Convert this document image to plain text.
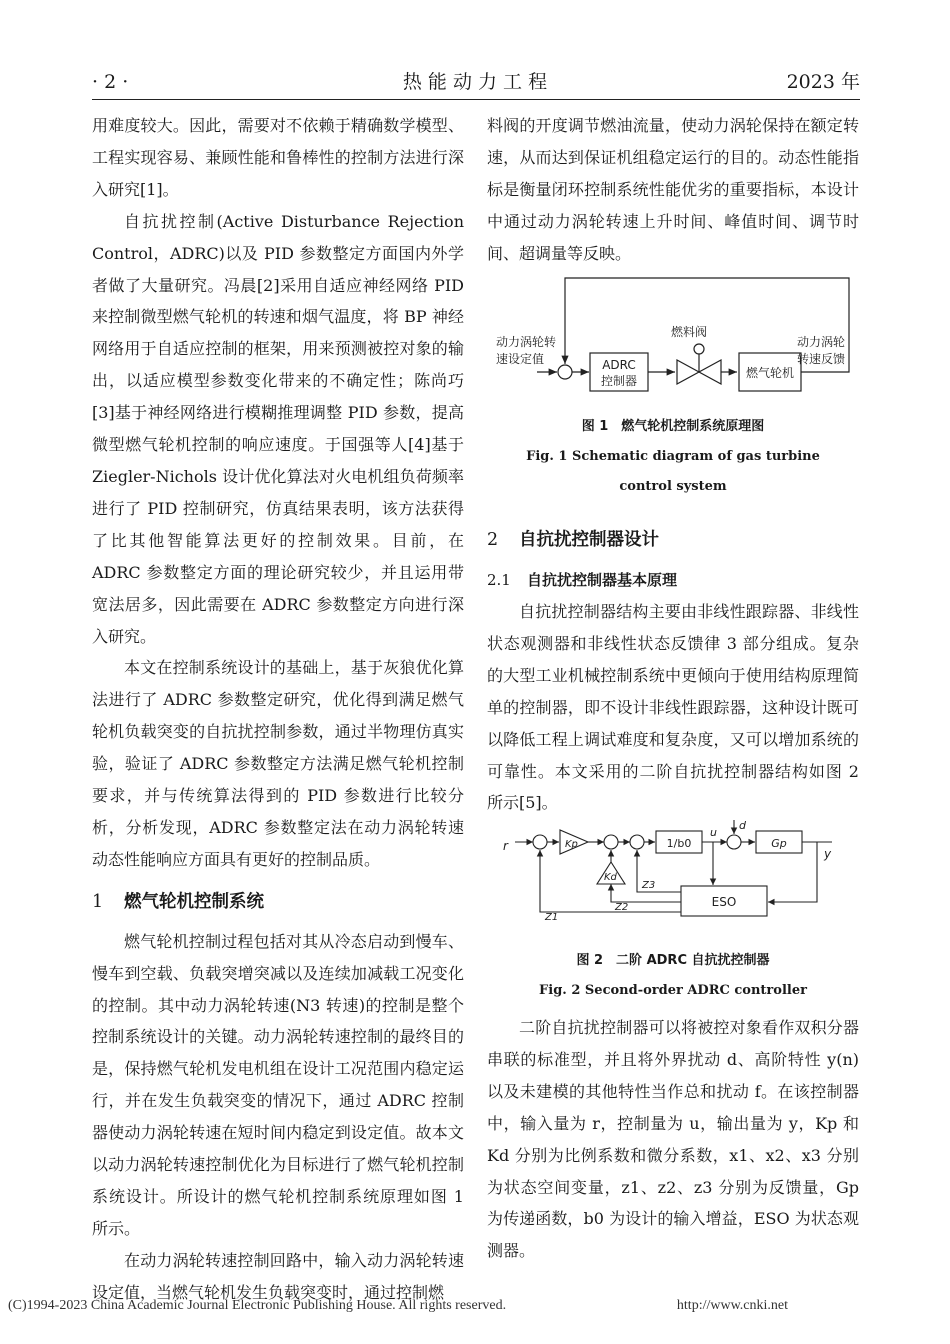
· 2 ·	热 能 动 力 工 程	2023 年

用难度较大。因此，需要对不依赖于精确数学模型、工程实现容易、兼顾性能和鲁棒性的控制方法进行深入研究[1]。

自抗扰控制(Active Disturbance Rejection Control，ADRC)以及 PID 参数整定方面国内外学者做了大量研究。冯晨[2]采用自适应神经网络 PID 来控制微型燃气轮机的转速和烟气温度，将 BP 神经网络用于自适应控制的框架，用来预测被控对象的输出，以适应模型参数变化带来的不确定性；陈尚巧[3]基于神经网络进行模糊推理调整 PID 参数，提高微型燃气轮机控制的响应速度。于国强等人[4]基于 Ziegler-Nichols 设计优化算法对火电机组负荷频率进行了 PID 控制研究，仿真结果表明，该方法获得了比其他智能算法更好的控制效果。目前，在 ADRC 参数整定方面的理论研究较少，并且运用带宽法居多，因此需要在 ADRC 参数整定方向进行深入研究。

本文在控制系统设计的基础上，基于灰狼优化算法进行了 ADRC 参数整定研究，优化得到满足燃气轮机负载突变的自抗扰控制参数，通过半物理仿真实验，验证了 ADRC 参数整定方法满足燃气轮机控制要求，并与传统算法得到的 PID 参数进行比较分析，分析发现，ADRC 参数整定法在动力涡轮转速动态性能响应方面具有更好的控制品质。

1 燃气轮机控制系统

燃气轮机控制过程包括对其从冷态启动到慢车、慢车到空载、负载突增突减以及连续加减载工况变化的控制。其中动力涡轮转速(N3 转速)的控制是整个控制系统设计的关键。动力涡轮转速控制的最终目的是，保持燃气轮机发电机组在设计工况范围内稳定运行，并在发生负载突变的情况下，通过 ADRC 控制器使动力涡轮转速在短时间内稳定到设定值。故本文以动力涡轮转速控制优化为目标进行了燃气轮机控制系统设计。所设计的燃气轮机控制系统原理如图 1 所示。

在动力涡轮转速控制回路中，输入动力涡轮转速设定值，当燃气轮机发生负载突变时，通过控制燃

料阀的开度调节燃油流量，使动力涡轮保持在额定转速，从而达到保证机组稳定运行的目的。动态性能指标是衡量闭环控制系统性能优劣的重要指标，本设计中通过动力涡轮转速上升时间、峰值时间、调节时间、超调量等反映。

动力涡轮转
速设定值	ADRC
控制器
燃料阀
燃气轮机
动力涡轮
转速反馈
图 1　燃气轮机控制系统原理图
Fig. 1 Schematic diagram of gas turbine
control system
2 自抗扰控制器设计
2.1 自抗扰控制器基本原理

自抗扰控制器结构主要由非线性跟踪器、非线性状态观测器和非线性状态反馈律 3 部分组成。复杂的大型工业机械控制系统中更倾向于使用结构原理简单的控制器，即不设计非线性跟踪器，这种设计既可以降低工程上调试难度和复杂度，又可以增加系统的可靠性。本文采用的二阶自抗扰控制器结构如图 2 所示[5]。

r	Kp	1/b0
u
d
Gp
y
Kd
ESO
Z3
Z2
Z1
图 2　二阶 ADRC 自抗扰控制器
Fig. 2 Second-order ADRC controller

二阶自抗扰控制器可以将被控对象看作双积分器串联的标准型，并且将外界扰动 d、高阶特性 y(n) 以及未建模的其他特性当作总和扰动 f。在该控制器中，输入量为 r，控制量为 u，输出量为 y，Kp 和 Kd 分别为比例系数和微分系数，x1、x2、x3 分别为状态空间变量，z1、z2、z3 分别为反馈量，Gp 为传递函数，b0 为设计的输入增益，ESO 为状态观测器。

(C)1994-2023 China Academic Journal Electronic Publishing House. All rights reserved.	http://www.cnki.net
